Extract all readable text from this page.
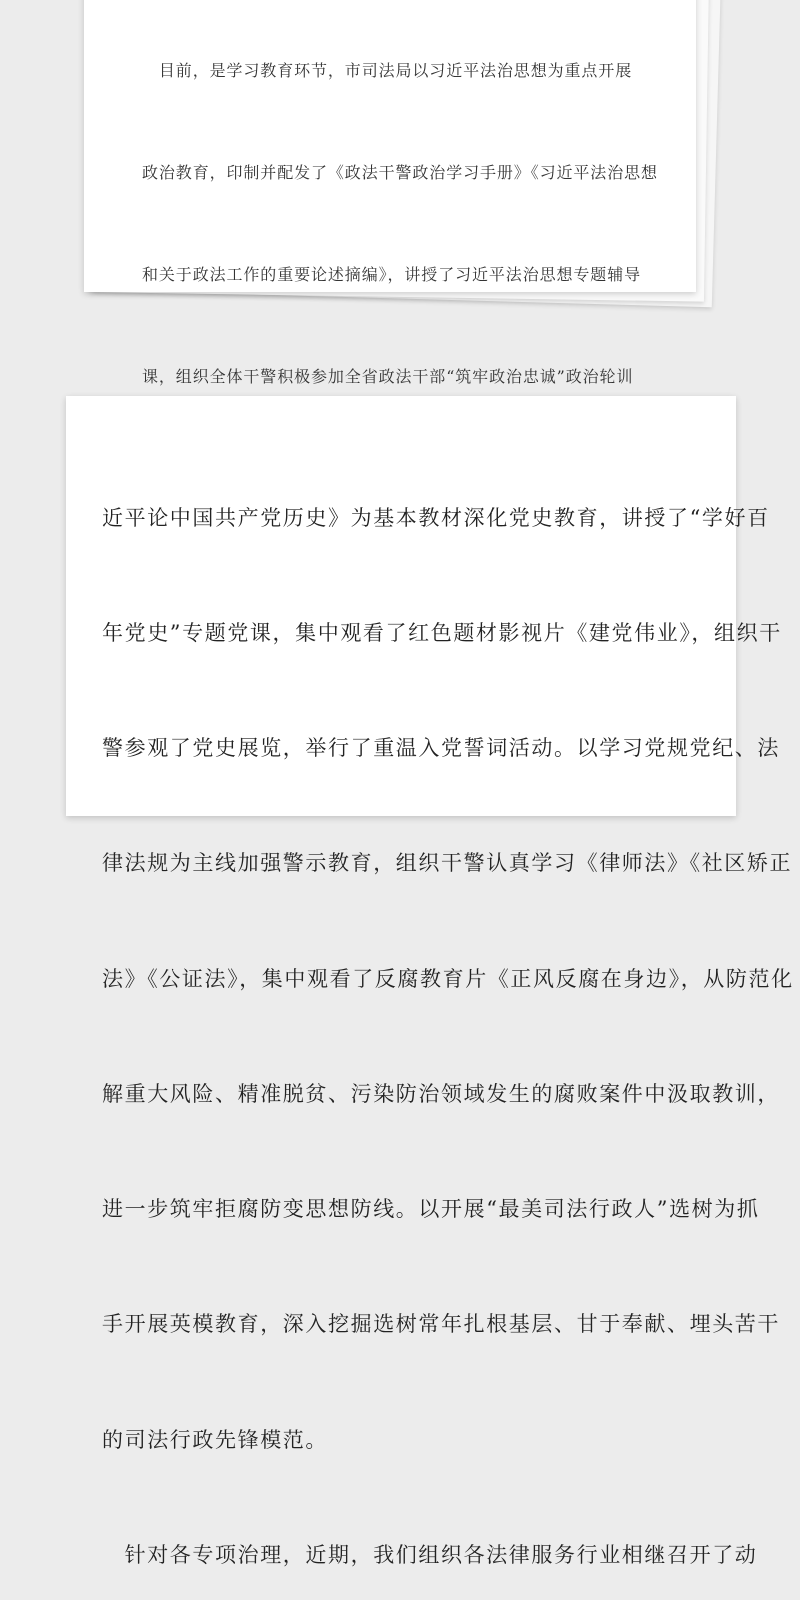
　目前，是学习教育环节，市司法局以习近平法治思想为重点开展

政治教育，印制并配发了《政法干警政治学习手册》《习近平法治思想

和关于政法工作的重要论述摘编》，讲授了习近平法治思想专题辅导

课，组织全体干警积极参加全省政法干部“筑牢政治忠诚”政治轮训

近平论中国共产党历史》为基本教材深化党史教育，讲授了“学好百

年党史”专题党课，集中观看了红色题材影视片《建党伟业》，组织干

警参观了党史展览，举行了重温入党誓词活动。以学习党规党纪、法

律法规为主线加强警示教育，组织干警认真学习《律师法》《社区矫正

法》《公证法》，集中观看了反腐教育片《正风反腐在身边》，从防范化

解重大风险、精准脱贫、污染防治领域发生的腐败案件中汲取教训，

进一步筑牢拒腐防变思想防线。以开展“最美司法行政人”选树为抓

手开展英模教育，深入挖掘选树常年扎根基层、甘于奉献、埋头苦干

的司法行政先锋模范。

　针对各专项治理，近期，我们组织各法律服务行业相继召开了动
